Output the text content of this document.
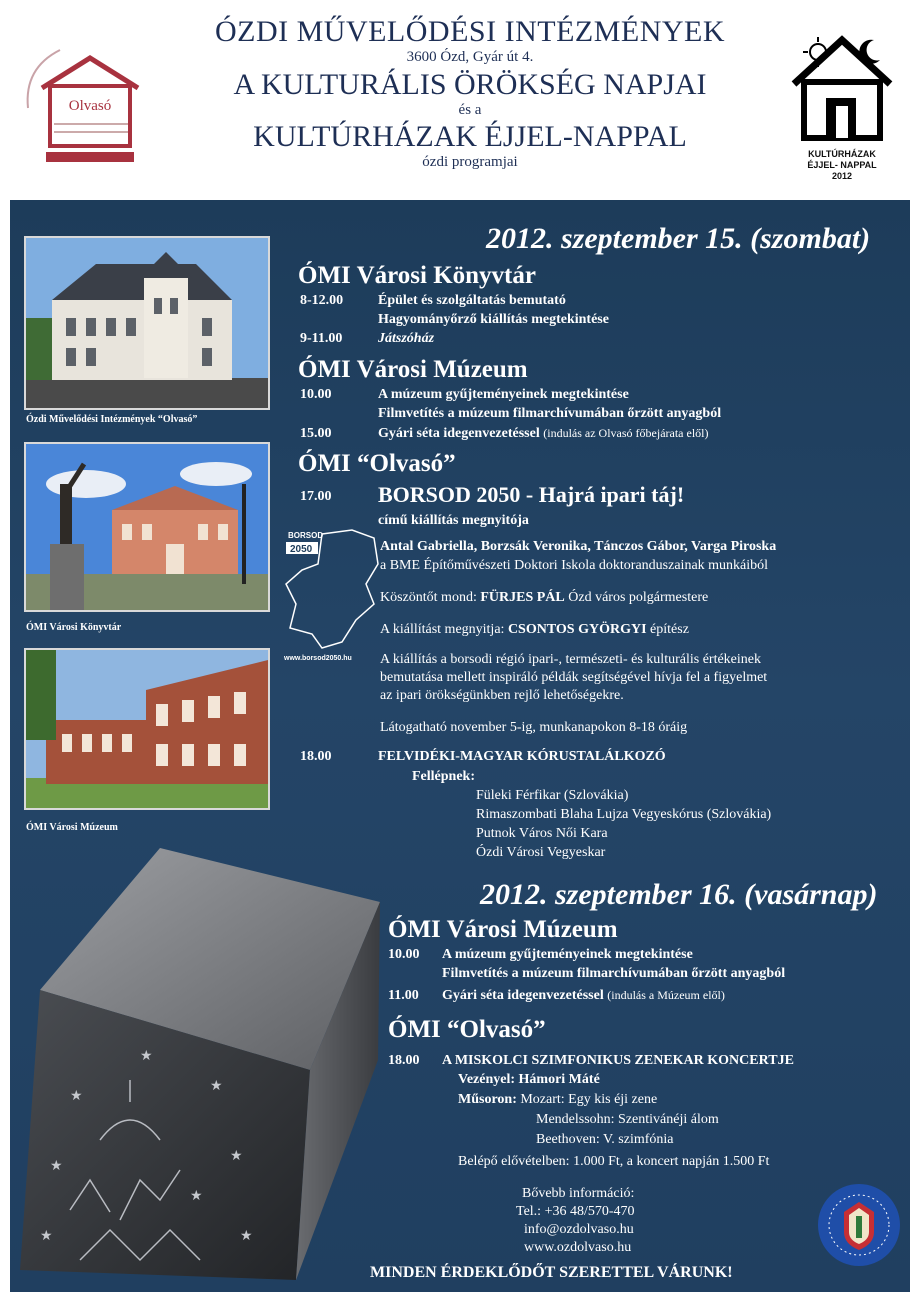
Olvasó
ÓZDI MŰVELŐDÉSI INTÉZMÉNYEK
3600 Ózd, Gyár út 4.
A KULTURÁLIS ÖRÖKSÉG NAPJAI
és a
KULTÚRHÁZAK ÉJJEL-NAPPAL
ózdi programjai	KULTÚRHÁZAK
ÉJJEL- NAPPAL
2012
Ózdi Művelődési Intézmények “Olvasó”
ÓMI Városi Könyvtár
ÓMI Városi Múzeum
★
★
★
★
★
★
★	★
2012. szeptember 15. (szombat)
ÓMI Városi Könyvtár
8-12.00 Épület és szolgáltatás bemutató
Hagyományőrző kiállítás megtekintése
9-11.00	Játszóház
ÓMI Városi Múzeum
10.00	A múzeum gyűjteményeinek megtekintése
Filmvetítés a múzeum filmarchívumában őrzött anyagból
15.00	Gyári séta idegenvezetéssel (indulás az Olvasó főbejárata elől)
ÓMI “Olvasó”
17.00 BORSOD 2050 - Hajrá ipari táj!
című kiállítás megnyitója
BORSOD
2050
www.borsod2050.hu
Antal Gabriella, Borzsák Veronika, Tánczos Gábor, Varga Piroska
a BME Építőművészeti Doktori Iskola doktoranduszainak munkáiból
Köszöntőt mond: FÜRJES PÁL Ózd város polgármestere
A kiállítást megnyitja: CSONTOS GYÖRGYI építész
A kiállítás a borsodi régió ipari-, természeti- és kulturális értékeinek
bemutatása mellett inspiráló példák segítségével hívja fel a figyelmet
az ipari örökségünkben rejlő lehetőségekre.
Látogatható november 5-ig, munkanapokon 8-18 óráig
18.00	FELVIDÉKI-MAGYAR KÓRUSTALÁLKOZÓ
Fellépnek:
Füleki Férfikar (Szlovákia)
Rimaszombati Blaha Lujza Vegyeskórus (Szlovákia)
Putnok Város Női Kara
Ózdi Városi Vegyeskar
2012. szeptember 16. (vasárnap)
ÓMI Városi Múzeum
10.00 A múzeum gyűjteményeinek megtekintése
Filmvetítés a múzeum filmarchívumában őrzött anyagból
11.00 Gyári séta idegenvezetéssel (indulás a Múzeum elől)
ÓMI “Olvasó”
18.00 A MISKOLCI SZIMFONIKUS ZENEKAR KONCERTJE
Vezényel: Hámori Máté
Műsoron: Mozart: Egy kis éji zene
Mendelssohn: Szentivánéji álom
Beethoven: V. szimfónia
Belépő elővételben: 1.000 Ft, a koncert napján 1.500 Ft
Bővebb információ:
Tel.: +36 48/570-470
info@ozdolvaso.hu
www.ozdolvaso.hu
MINDEN ÉRDEKLŐDŐT SZERETTEL VÁRUNK!
